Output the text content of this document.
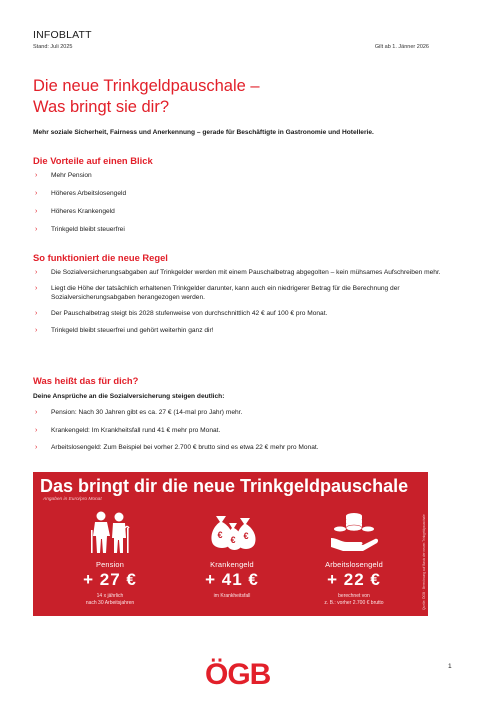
INFOBLATT
Stand: Juli 2025	Gilt ab 1. Jänner 2026
Die neue Trinkgeldpauschale –
Was bringt sie dir?
Mehr soziale Sicherheit, Fairness und Anerkennung – gerade für Beschäftigte in Gastronomie und Hotellerie.
Die Vorteile auf einen Blick
› Mehr Pension
› Höheres Arbeitslosengeld
› Höheres Krankengeld
› Trinkgeld bleibt steuerfrei
So funktioniert die neue Regel
› Die Sozialversicherungsabgaben auf Trinkgelder werden mit einem Pauschalbetrag abgegolten – kein mühsames Aufschreiben mehr.
› Liegt die Höhe der tatsächlich erhaltenen Trinkgelder darunter, kann auch ein niedrigerer Betrag für die Berechnung der Sozialversicherungsabgaben herangezogen werden.
› Der Pauschalbetrag steigt bis 2028 stufenweise von durchschnittlich 42 € auf 100 € pro Monat.
› Trinkgeld bleibt steuerfrei und gehört weiterhin ganz dir!
Was heißt das für dich?
Deine Ansprüche an die Sozialversicherung steigen deutlich:
› Pension: Nach 30 Jahren gibt es ca. 27 € (14-mal pro Jahr) mehr.
› Krankengeld: Im Krankheitsfall rund 41 € mehr pro Monat.
› Arbeitslosengeld: Zum Beispiel bei vorher 2.700 € brutto sind es etwa 22 € mehr pro Monat.
Das bringt dir die neue Trinkgeldpauschale
Angaben in Euro/pro Monat
Quelle: ÖGB · Berechnung auf Basis der neuen Trinkgeldpauschale
Pension
+ 27 €
14 x jährlich
nach 30 Arbeitsjahren
€ € €
Krankengeld
+ 41 €
im Krankheitsfall
Arbeitslosengeld
+ 22 €
berechnet von
z. B.: vorher 2.700 € brutto
ÖGB	1
